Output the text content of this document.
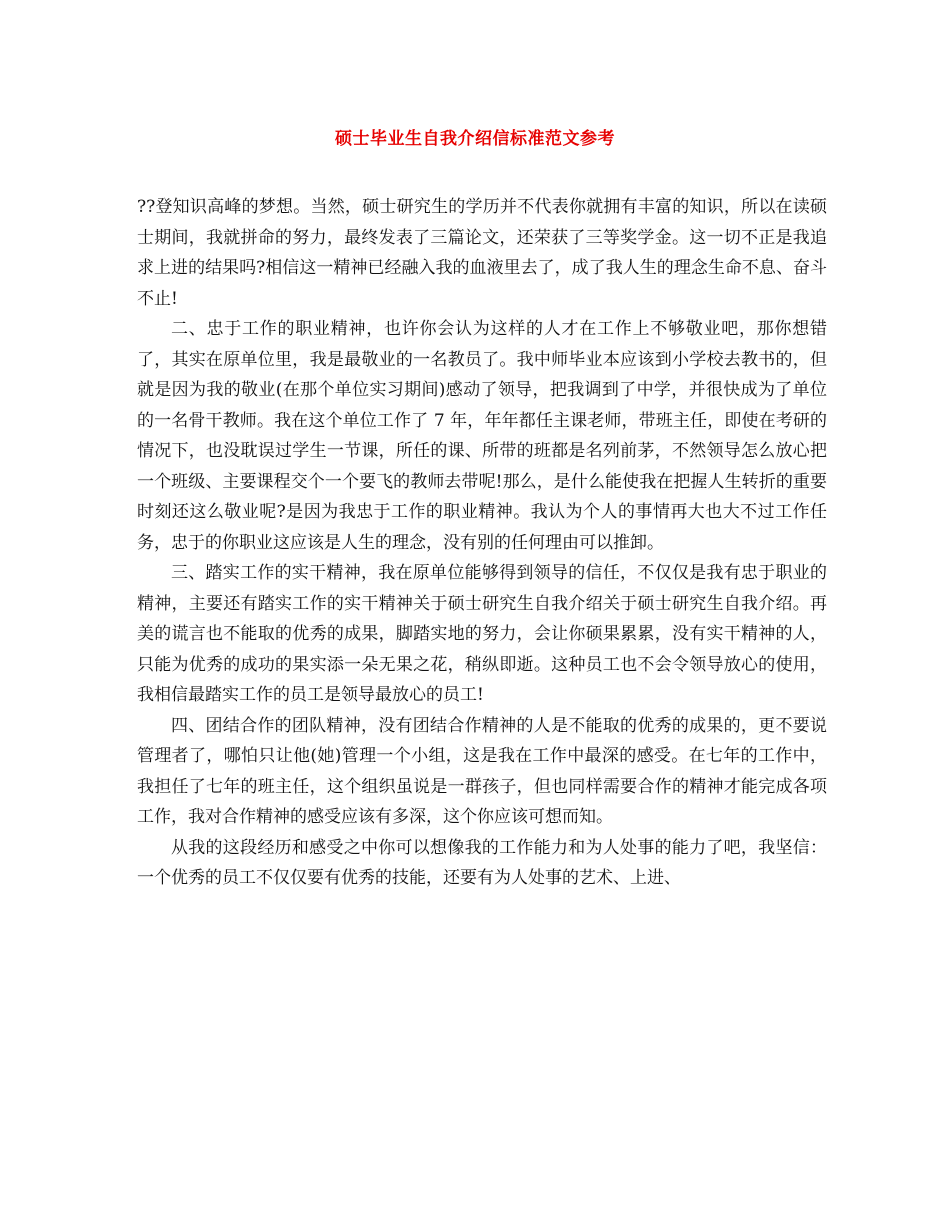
硕士毕业生自我介绍信标准范文参考

??登知识高峰的梦想。当然，硕士研究生的学历并不代表你就拥有丰富的知识，所以在读硕士期间，我就拼命的努力，最终发表了三篇论文，还荣获了三等奖学金。这一切不正是我追求上进的结果吗?相信这一精神已经融入我的血液里去了，成了我人生的理念生命不息、奋斗不止!

二、忠于工作的职业精神，也许你会认为这样的人才在工作上不够敬业吧，那你想错了，其实在原单位里，我是最敬业的一名教员了。我中师毕业本应该到小学校去教书的，但就是因为我的敬业(在那个单位实习期间)感动了领导，把我调到了中学，并很快成为了单位的一名骨干教师。我在这个单位工作了 7 年，年年都任主课老师，带班主任，即使在考研的情况下，也没耽误过学生一节课，所任的课、所带的班都是名列前茅，不然领导怎么放心把一个班级、主要课程交个一个要飞的教师去带呢!那么，是什么能使我在把握人生转折的重要时刻还这么敬业呢?是因为我忠于工作的职业精神。我认为个人的事情再大也大不过工作任务，忠于的你职业这应该是人生的理念，没有别的任何理由可以推卸。

三、踏实工作的实干精神，我在原单位能够得到领导的信任，不仅仅是我有忠于职业的精神，主要还有踏实工作的实干精神关于硕士研究生自我介绍关于硕士研究生自我介绍。再美的谎言也不能取的优秀的成果，脚踏实地的努力，会让你硕果累累，没有实干精神的人，只能为优秀的成功的果实添一朵无果之花，稍纵即逝。这种员工也不会令领导放心的使用，我相信最踏实工作的员工是领导最放心的员工!

四、团结合作的团队精神，没有团结合作精神的人是不能取的优秀的成果的，更不要说管理者了，哪怕只让他(她)管理一个小组，这是我在工作中最深的感受。在七年的工作中，我担任了七年的班主任，这个组织虽说是一群孩子，但也同样需要合作的精神才能完成各项工作，我对合作精神的感受应该有多深，这个你应该可想而知。

从我的这段经历和感受之中你可以想像我的工作能力和为人处事的能力了吧，我坚信：一个优秀的员工不仅仅要有优秀的技能，还要有为人处事的艺术、上进、
